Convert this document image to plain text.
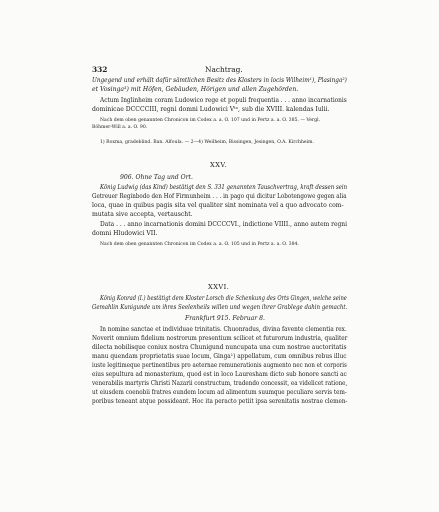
332	Nachtrag.
Ungegend und erhält dafür sämtlichen Besitz des Klosters in locis Wilheim¹), Plasinga²)
et Vosinga³) mit Höfen, Gebäuden, Hörigen und allen Zugehörden.
Actum Inglinheim coram Ludowico rege et populi frequentia . . . anno incarnationis
dominicae DCCCCIII, regni domni Ludowici Vᵗᵒ, sub die XVIII. kalendas Iulii.
Nach dem oben genannten Chronicon im Codex a. a. O. 107 und in Pertz a. a. O. 385. — Vergl.
Böhmer-Will a. a. O. 90.
1) Roxma, gradeblind. Ban. Alfoula. — 2—4) Weilheim, Bissingen, Jesingen, O.A. Kirchheim.
XXV.
906. Ohne Tag und Ort.
König Ludwig (das Kind) bestätigt den S. 331 genannten Tauschvertrag, kraft dessen sein
Getreuer Reginbodo den Hof Firmunheim . . . in pago qui dicitur Lobotengowe gegen alia
loca, quae in quibus pagis sita vel qualiter sint nominata vel a quo advocato com-
mutata sive accepta, vertauscht.
Data . . . anno incarnationis domini DCCCCVI., indictione VIIII., anno autem regni
domni Hludowici VII.
Nach dem oben genannten Chronicon im Codex a. a. O. 105 und in Pertz a. a. O. 384.
XXVI.
König Konrad (I.) bestätigt dem Kloster Lorsch die Schenkung des Orts Gingen, welche seine
Gemahlin Kunigunde um ihres Seelenheils willen und wegen ihrer Grablege dahin gemacht.
Frankfurt 915. Februar 8.
In nomine sanctae et individuae trinitatis. Chuonradus, divina favente clementia rex.
Noverit omnium fidelium nostrorum presentium scilicet et futurorum industria, qualiter
dilecta nobilisque coniux nostra Chunigund nuncupata una cum nostrae auctoritatis
manu quendam proprietatis suae locum, Ginga¹) appellatum, cum omnibus rebus illuc
iuste legitimeque pertinentibus pro aeternae remunerationis augmento nec non et corporis
eius sepultura ad monasterium, quod est in loco Lauresham dicto sub honore sancti ac
venerabilis martyris Christi Nazarii constructum, tradendo concessit, ea videlicet ratione,
ut eiusdem coenobii fratres eundem locum ad alimentum suumque peculiare servis tem-
poribus teneant atque possideant. Hoc ita peracto petiit ipsa serenitatis nostrae clemen-
